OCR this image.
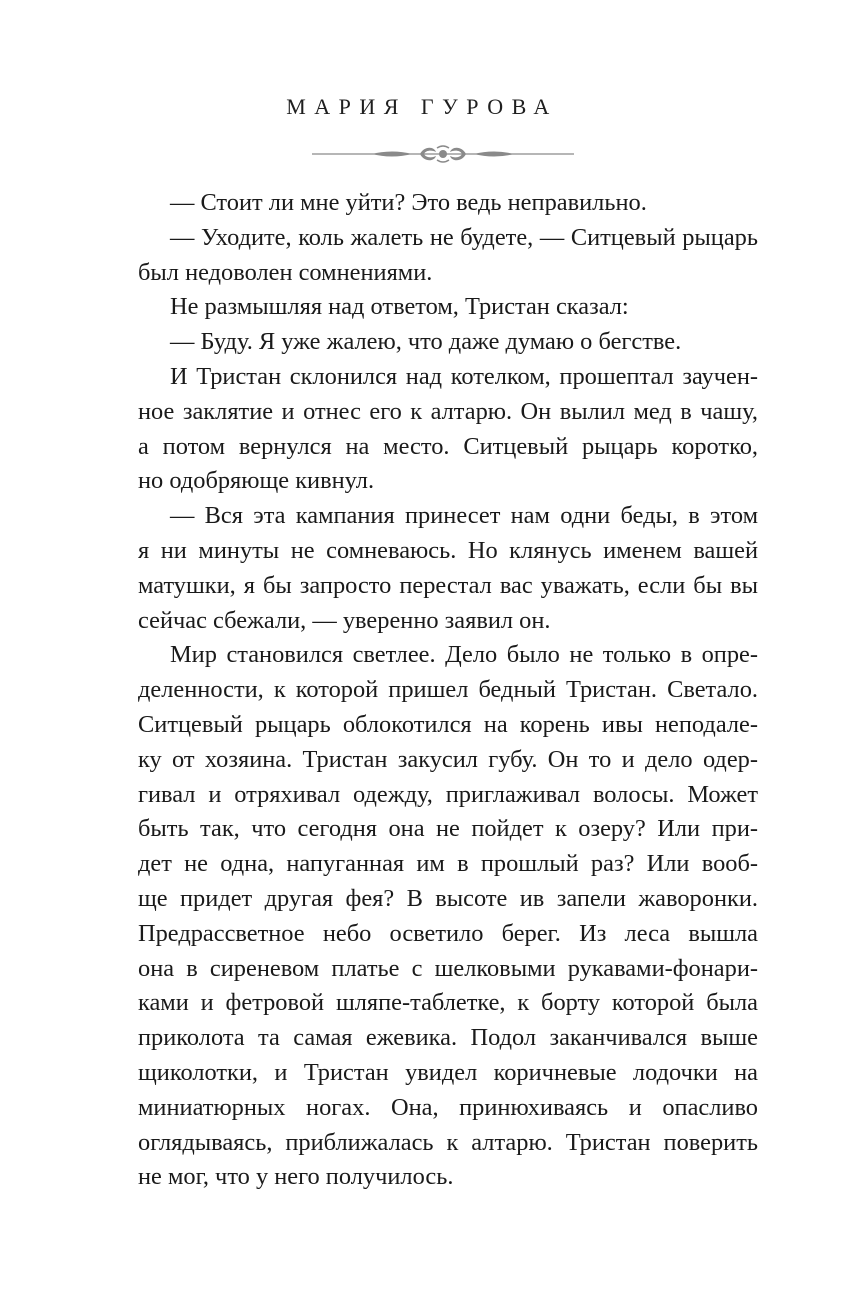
МАРИЯ ГУРОВА

— Стоит ли мне уйти? Это ведь неправильно.

— Уходите, коль жалеть не будете, — Ситцевый рыцарь

был недоволен сомнениями.

Не размышляя над ответом, Тристан сказал:

— Буду. Я уже жалею, что даже думаю о бегстве.

И Тристан склонился над котелком, прошептал заучен-

ное заклятие и отнес его к алтарю. Он вылил мед в чашу,

а потом вернулся на место. Ситцевый рыцарь коротко,

но одобряюще кивнул.

— Вся эта кампания принесет нам одни беды, в этом

я ни минуты не сомневаюсь. Но клянусь именем вашей

матушки, я бы запросто перестал вас уважать, если бы вы

сейчас сбежали, — уверенно заявил он.

Мир становился светлее. Дело было не только в опре-

деленности, к которой пришел бедный Тристан. Светало.

Ситцевый рыцарь облокотился на корень ивы неподале-

ку от хозяина. Тристан закусил губу. Он то и дело одер-

гивал и отряхивал одежду, приглаживал волосы. Может

быть так, что сегодня она не пойдет к озеру? Или при-

дет не одна, напуганная им в прошлый раз? Или вооб-

ще придет другая фея? В высоте ив запели жаворонки.

Предрассветное небо осветило берег. Из леса вышла

она в сиреневом платье с шелковыми рукавами-фонари-

ками и фетровой шляпе-таблетке, к борту которой была

приколота та самая ежевика. Подол заканчивался выше

щиколотки, и Тристан увидел коричневые лодочки на

миниатюрных ногах. Она, принюхиваясь и опасливо

оглядываясь, приближалась к алтарю. Тристан поверить

не мог, что у него получилось.
